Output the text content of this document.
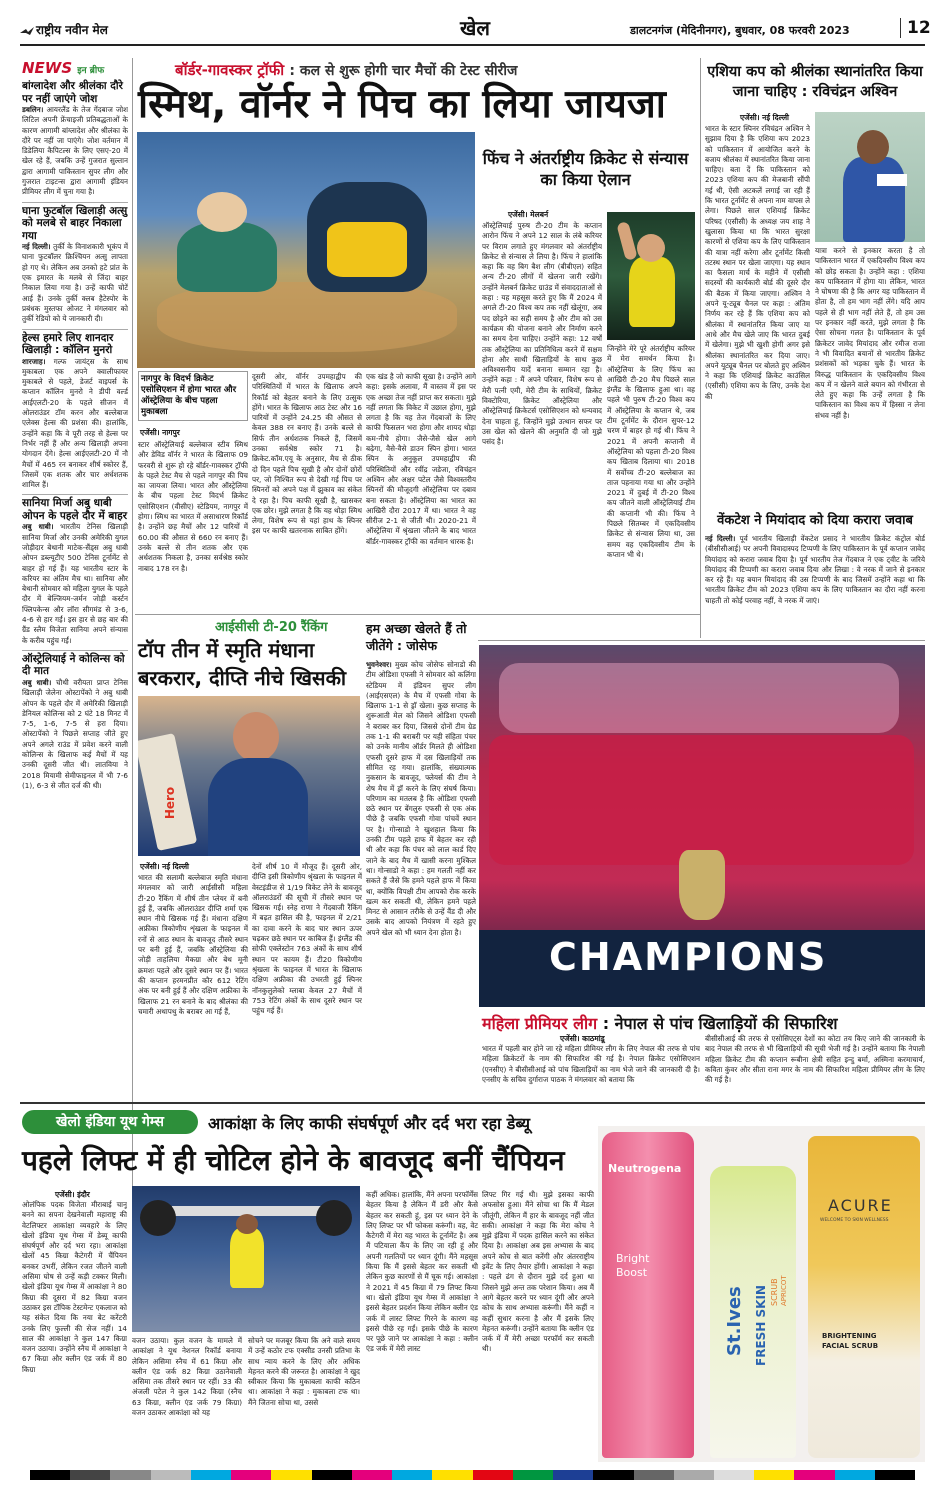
राष्ट्रीय नवीन मेल	खेल	डालटनगंज (मेदिनीनगर), बुधवार, 08 फरवरी 2023	12
NEWS इन ब्रीफ
बांग्लादेश और श्रीलंका दौरे पर नहीं जाएंगे जोश
डबलिन। आयरलैंड के तेज गेंदबाज जोश लिटिल अपनी फ्रेंचाइजी प्रतिबद्धताओं के कारण आगामी बांग्लादेश और श्रीलंका के दौरे पर नहीं जा पाएंगे। जोश वर्तमान में डिडेलिया कैपिटल्स के लिए एसए-20 में खेल रहे हैं, जबकि उन्हें गुजरात सुल्तान द्वारा आगामी पाकिस्तान सुपर लीग और गुजरात टाइटन्स द्वारा आगामी इंडियन प्रीमियर लीग में चुना गया है।
घाना फुटबॉल खिलाड़ी अत्सु को मलबे से बाहर निकाला गया
नई दिल्ली। तुर्की के विनाशकारी भूकंप में घाना फुटबॉलर क्रिश्चियन अत्सु लापता हो गए थे। लेकिन अब उनको हटे प्रांत के एक इमारत के मलबे से जिंदा बाहर निकाल लिया गया है। उन्हें काफी चोटें आई हैं। उनके तुर्की क्लब हैटेस्पोर के प्रबंधक मुस्तफा ओजट ने मंगलवार को तुर्की रेडियो को ये जानकारी दी।
हेल्स हमारे लिए शानदार खिलाड़ी : कॉलिन मुनरो
शारजाह। गल्फ जायंट्स के साथ मुकाबला एक अपने क्वालीफायर मुकाबले से पहले, डेजर्ट वाइपर्स के कप्तान कॉलिन मुनरो ने डीपी वर्ल्ड आईएलटी-20 के पहले सीजन में ओलराउंडर टॉम करन और बल्लेबाज एलेक्स हेल्स की प्रशंसा की। हालांकि, उन्होंने कहा कि वे पूरी तरह से हेल्स पर निर्भर नहीं हैं और अन्य खिलाड़ी अपना योगदान देंगे। हेल्स आईएलटी-20 में नौ मैचों में 465 रन बनाकर शीर्ष स्कोरर हैं, जिसमें एक शतक और चार अर्धशतक शामिल हैं।
सानिया मिर्जा अबु धाबी ओपन के पहले दौर में बाहर
अबु धाबी। भारतीय टेनिस खिलाड़ी सानिया मिर्जा और उनकी अमेरिकी युगल जोड़ीदार बेथानी माटेक-सैंड्स अबु धाबी ओपन डब्ल्यूटीए 500 टेनिस टूर्नामेंट से बाहर हो गई हैं। यह भारतीय स्टार के करियर का अंतिम मैच था। सानिया और बेथानी सोमवार को महिला युगल के पहले दौर में बेल्जियम-जर्मन जोड़ी कर्स्टन फ्लिपकेन्स और लॉरा सीगमंड से 3-6, 4-6 से हार गईं। इस हार से छह बार की ग्रैंड स्लैम विजेता सानिया अपने संन्यास के करीब पहुंच गईं।
ऑस्ट्रेलियाई ने कोलिन्स को दी मात
अबु धाबी। चौथी वरीयता प्राप्त टेनिस खिलाड़ी जेलेना ओस्टापेंको ने अबु धाबी ओपन के पहले दौर में अमेरिकी खिलाड़ी डेनियल कोलिन्स को 2 घंटे 18 मिनट में 7-5, 1-6, 7-5 से हरा दिया। ओस्टापेंको ने पिछले सप्ताह जीते हुए अपने अगले राउंड में प्रवेश करने वाली कोलिन्स के खिलाफ कई मैचों में यह उनकी दूसरी जीत थी। लातविया ने 2018 मियामी सेमीफाइनल में भी 7-6 (1), 6-3 से जीत दर्ज की थी।
बॉर्डर-गावस्कर ट्रॉफी : कल से शुरू होगी चार मैचों की टेस्ट सीरीज
स्मिथ, वॉर्नर ने पिच का लिया जायजा
फिंच ने अंतर्राष्ट्रीय क्रिकेट से संन्यास का किया ऐलान
एजेंसी। मेलबर्न
ऑस्ट्रेलियाई पुरुष टी-20 टीम के कप्तान आरोन फिंच ने अपने 12 साल के लंबे करियर पर विराम लगाते हुए मंगलवार को अंतर्राष्ट्रीय क्रिकेट से संन्यास ले लिया है। फिंच ने हालांकि कहा कि वह बिग बैश लीग (बीबीएल) सहित अन्य टी-20 लीगों में खेलना जारी रखेंगे। उन्होंने मेलबर्न क्रिकेट ग्राउंड में संवाददाताओं से कहा : यह महसूस करते हुए कि मैं 2024 में अगले टी-20 विश्व कप तक नहीं खेलूंगा, अब पद छोड़ने का सही समय है और टीम को उस कार्यक्रम की योजना बनाने और निर्माण करने का समय देना चाहिए। उन्होंने कहा: 12 वर्षों तक ऑस्ट्रेलिया का प्रतिनिधित्व करने में सक्षम होना और साथी खिलाड़ियों के साथ कुछ अविश्वसनीय यादें बनाना सम्मान रहा है। उन्होंने कहा : मैं अपने परिवार, विशेष रूप से मेरी पत्नी एमी, मेरी टीम के साथियों, क्रिकेट विक्टोरिया, क्रिकेट ऑस्ट्रेलिया और ऑस्ट्रेलियाई क्रिकेटर्स एसोसिएशन को धन्यवाद देना चाहता हूं, जिन्होंने मुझे उत्थान सफर पर उस खेल को खेलने की अनुमति दी जो मुझे पसंद है।
जिन्होंने मेरे पूरे अंतर्राष्ट्रीय करियर में मेरा समर्थन किया है। ऑस्ट्रेलिया के लिए फिंच का आखिरी टी-20 मैच पिछले साल इंग्लैंड के खिलाफ हुआ था। वह पहले भी पुरुष टी-20 विश्व कप में ऑस्ट्रेलिया के कप्तान थे, जब टीम टूर्नामेंट के दौरान सुपर-12 चरण में बाहर हो गई थी। फिंच ने 2021 में अपनी कप्तानी में ऑस्ट्रेलिया को पहला टी-20 विश्व कप खिताब दिलाया था। 2018 में सर्वोच्च टी-20 बल्लेबाज का ताज पहनाया गया था और उन्होंने 2021 में दुबई में टी-20 विश्व कप जीतने वाली ऑस्ट्रेलियाई टीम की कप्तानी भी की। फिंच ने पिछले सितम्बर में एकदिवसीय क्रिकेट से संन्यास लिया था, उस समय वह एकदिवसीय टीम के कप्तान भी थे।
नागपुर के विदर्भ क्रिकेट एसोसिएशन में होगा भारत और ऑस्ट्रेलिया के बीच पहला मुकाबला
एजेंसी। नागपुर
स्टार ऑस्ट्रेलियाई बल्लेबाज स्टीव स्मिथ और डेविड वॉर्नर ने भारत के खिलाफ 09 फरवरी से शुरू हो रहे बॉर्डर-गावस्कर ट्रॉफी के पहले टेस्ट मैच से पहले नागपुर की पिच का जायजा लिया। भारत और ऑस्ट्रेलिया के बीच पहला टेस्ट विदर्भ क्रिकेट एसोसिएशन (वीसीए) स्टेडियम, नागपुर में होगा। स्मिथ का भारत में असाधारण रिकॉर्ड है। उन्होंने छह मैचों और 12 पारियों में 60.00 की औसत से 660 रन बनाए हैं। उनके बल्ले से तीन शतक और एक अर्धशतक निकला है, उनका सर्वश्रेष्ठ स्कोर नाबाद 178 रन है।
दूसरी ओर, वॉर्नर उपमहाद्वीप की परिस्थितियों में भारत के खिलाफ अपने रिकॉर्ड को बेहतर बनाने के लिए उत्सुक होंगे। भारत के खिलाफ आठ टेस्ट और 16 पारियों में उन्होंने 24.25 की औसत से केवल 388 रन बनाए हैं। उनके बल्ले से सिर्फ तीन अर्धशतक निकले हैं, जिसमें उनका सर्वश्रेष्ठ स्कोर 71 है। क्रिकेट.कॉम.एयू के अनुसार, मैच से ठीक दो दिन पहले पिच सूखी है और दोनों छोरों पर, जो निश्चित रूप से देखी गई पिच पर स्पिनरों को अपने पक्ष में झुकाव का संकेत दे रहा है। पिच काफी सूखी है, खासकर एक छोर। मुझे लगता है कि यह थोड़ा स्मिथ लेगा, विशेष रूप से यहां हाथ के स्पिनर इस पर काफी खतरनाक साबित होंगे।
एक खंड है जो काफी सूखा है। उन्होंने आगे कहा: इसके अलावा, मैं वास्तव में इस पर एक अच्छा तेज नहीं प्राप्त कर सकता। मुझे नहीं लगता कि विकेट में उछाल होगा, मुझे लगता है कि यह तेज गेंदबाजों के लिए काफी फिसलन भरा होगा और शायद थोड़ा कम-नीचे होगा। जैसे-जैसे खेल आगे बढ़ेगा, वैसे-वैसे डाउन स्पिन होगा। भारत स्पिन के अनुकूल उपमहाद्वीप की परिस्थितियों और रवींद्र जडेजा, रविचंद्रन अश्विन और अक्षर पटेल जैसे विश्वस्तरीय स्पिनरों की मौजूदगी ऑस्ट्रेलिया पर दबाव बना सकता है। ऑस्ट्रेलिया का भारत का आखिरी दौरा 2017 में था। भारत ने वह सीरीज 2-1 से जीती थी। 2020-21 में ऑस्ट्रेलिया में श्रृंखला जीतने के बाद भारत बॉर्डर-गावस्कर ट्रॉफी का वर्तमान धारक है।
एशिया कप को श्रीलंका स्थानांतरित किया जाना चाहिए : रविचंद्रन अश्विन
एजेंसी। नई दिल्ली
भारत के स्टार स्पिनर रविचंद्रन अश्विन ने सुझाव दिया है कि एशिया कप 2023 को पाकिस्तान में आयोजित करने के बजाय श्रीलंका में स्थानांतरित किया जाना चाहिए। बता दें कि पाकिस्तान को 2023 एशिया कप की मेजबानी सौंपी गई थी, ऐसी अटकलें लगाई जा रही हैं कि भारत टूर्नामेंट से अपना नाम वापस ले लेगा। पिछले साल एशियाई क्रिकेट परिषद (एसीसी) के अध्यक्ष जय शाह ने खुलासा किया था कि भारत सुरक्षा कारणों से एशिया कप के लिए पाकिस्तान की यात्रा नहीं करेगा और टूर्नामेंट किसी तटस्थ स्थान पर खेला जाएगा। यह स्थान का फैसला मार्च के महीने में एसीसी सदस्यों की कार्यकारी बोर्ड की दूसरे दौर की बैठक में किया जाएगा। अश्विन ने अपने यू-ट्यूब चैनल पर कहा : अंतिम निर्णय कर रहे हैं कि एशिया कप को श्रीलंका में स्थानांतरित किया जाए या आधे और मैच खेले जाए कि भारत दुबई में खेलेगा। मुझे भी खुशी होगी अगर इसे श्रीलंका स्थानांतरित कर दिया जाए। अपने यूट्यूब चैनल पर बोलते हुए अश्विन ने कहा कि एशियाई क्रिकेट काउंसिल (एसीसी) एशिया कप के लिए, उनके देश की
यात्रा करने से इनकार करता है तो पाकिस्तान भारत में एकदिवसीय विश्व कप को छोड़ सकता है। उन्होंने कहा : एशिया कप पाकिस्तान में होगा या। लेकिन, भारत ने घोषणा की है कि अगर यह पाकिस्तान में होता है, तो हम भाग नहीं लेंगे। यदि आप पहले से ही भाग नहीं लेते हैं, तो हम उस पर इनकार नहीं करते, मुझे लगता है कि ऐसा सोचना गलत है। पाकिस्तान के पूर्व क्रिकेटर जावेद मियांदाद और रमीज राजा ने भी विवादित बयानों से भारतीय क्रिकेट प्रशंसकों को भड़का चुके हैं। भारत के विरुद्ध पाकिस्तान के एकदिवसीय विश्व कप में न खेलने वाले बयान को गंभीरता से लेते हुए कहा कि उन्हें लगता है कि पाकिस्तान का विश्व कप में हिस्सा न लेना संभव नहीं है।
वेंकटेश ने मियांदाद को दिया करारा जवाब
नई दिल्ली। पूर्व भारतीय खिलाड़ी वेंकटेश प्रसाद ने भारतीय क्रिकेट कंट्रोल बोर्ड (बीसीसीआई) पर अपनी विवादास्पद टिप्पणी के लिए पाकिस्तान के पूर्व कप्तान जावेद मियांदाद को करारा जवाब दिया है। पूर्व भारतीय तेज गेंदबाज ने एक ट्वीट के जरिये मियांदाद की टिप्पणी का करारा जवाब दिया और लिखा : वे नरक में जाने से इनकार कर रहे हैं। यह बयान मियांदाद की उस टिप्पणी के बाद जिसमें उन्होंने कहा था कि भारतीय क्रिकेट टीम को 2023 एशिया कप के लिए पाकिस्तान का दौरा नहीं करना चाहती तो कोई परवाह नहीं, वे नरक में जाएं।
आईसीसी टी-20 रैंकिंग
टॉप तीन में स्मृति मंधाना बरकरार, दीप्ति नीचे खिसकी
Hero
एजेंसी। नई दिल्ली
भारत की सलामी बल्लेबाज स्मृति मंधाना मंगलवार को जारी आईसीसी महिला टी-20 रैंकिंग में शीर्ष तीन प्लेयर में बनी हुई हैं, जबकि ऑलराउंडर दीप्ति शर्मा एक स्थान नीचे खिसक गई हैं। मंधाना दक्षिण अफ्रीका त्रिकोणीय शृंखला के फाइनल में रनों से आठ स्थान के बावजूद तीसरे स्थान पर बनी हुई हैं, जबकि ऑस्ट्रेलिया की जोड़ी ताहलिया मैकग्रा और बेथ मूनी क्रमशः पहले और दूसरे स्थान पर हैं। भारत की कप्तान हरमनप्रीत कौर 612 रेटिंग अंक पर बनी हुई हैं और दक्षिण अफ्रीका के खिलाफ 21 रन बनाने के बाद श्रीलंका की चमारी अथापथु के बराबर आ गई हैं,
देनों शीर्ष 10 में मौजूद हैं। दूसरी ओर, दीप्ति इसी त्रिकोणीय श्रृंखला के फाइनल में वेस्टइंडीज से 1/19 विकेट लेने के बावजूद ऑलराउंडरों की सूची में तीसरे स्थान पर खिसक गई। स्नेह राणा ने गेंदबाजी रैंकिंग में बढ़त हासिल की है, फाइनल में 2/21 का दावा करने के बाद चार स्थान ऊपर चढ़कर छठे स्थान पर काबिज हैं। इंग्लैंड की सोफी एक्लेस्टोन 763 अंकों के साथ शीर्ष स्थान पर कायम हैं। टी20 त्रिकोणीय श्रृंखला के फाइनल में भारत के खिलाफ दक्षिण अफ्रीका की उभरती हुई स्पिनर नॉनकुलुलेको म्लाबा केवल 27 मैचों में 753 रेटिंग अंकों के साथ दूसरे स्थान पर पहुंच गई हैं।
हम अच्छा खेलते हैं तो जीतेंगे : जोसेफ
भुवनेश्वर। मुख्य कोच जोसेफ सोनाडो की टीम ओडिशा एफसी ने सोमवार को कलिंगा स्टेडियम में इंडियन सुपर लीग (आईएसएल) के मैच में एफसी गोवा के खिलाफ 1-1 से ड्रॉ खेला। कुछ सप्ताह के शुरूआती मेल को जिसने ओडिशा एफसी ने बराबर कर दिया, जिससे दोनों टीम ग्रेड तक 1-1 की बराबरी पर यही संहिता पंचर को उनके मानीय ऑर्डर मिलते ही ओडिशा एफसी दूसरे हाफ में दस खिलाड़ियों तक सीमित रह गया। हालांकि, संख्यात्मक नुकसान के बावजूद, फ्लेयर्स की टीम ने शेष मैच में ड्रॉ करने के लिए संघर्ष किया। परिणाम का मतलब है कि ओडिशा एफसी छठे स्थान पर बेंगलुरु एफसी से एक अंक पीछे है जबकि एफसी गोवा पांचवें स्थान पर है। गोन्साडो ने खुशहाल किया कि उनकी टीम पहले हाफ में बेहतर कर रही थी और कहा कि पंचर को लाल कार्ड दिए जाने के बाद मैच में खासी करना मुश्किल था। गोन्साडो ने कहा : हम गलती नहीं कर सकते हैं जैसे कि हमने पहले हाफ में किया था, क्योंकि विपक्षी टीम आपको रोक करके खत्म कर सकती थी, लेकिन हमने पहले मिनट से आसान तरीके से उन्हें वैंड दी और उसके बाद आपको नियंत्रण में रहते हुए अपने खेल को भी ध्यान देना होता है।
CHAMPIONS
महिला प्रीमियर लीग : नेपाल से पांच खिलाड़ियों की सिफारिश
एजेंसी। काठमांडू
भारत में पहली बार होने जा रहे महिला प्रीमियर लीग के लिए नेपाल की तरफ से पांच महिला क्रिकेटरों के नाम की सिफारिश की गई है। नेपाल क्रिकेट एसोसिएशन (एनसीए) ने बीसीसीआई को पांच खिलाड़ियों का नाम भेजे जाने की जानकारी दी है। एनसीए के सचिव दुर्गाराज पाठक ने मंगलवार को बताया कि
बीसीसीआई की तरफ से एसोसिएट्स देशों का कोटा तय किए जाने की जानकारी के बाद नेपाल की तरफ से भी खिलाड़ियों की सूची भेजी गई है। उन्होंने बताया कि नेपाली महिला क्रिकेट टीम की कप्तान रूबीना क्षेत्री सहित इन्दु बर्मा, अस्मिना करमाचार्य, कविता कुंवर और सीता राना मगर के नाम की सिफारिश महिला प्रीमियर लीग के लिए की गई है।
खेलो इंडिया यूथ गेम्स	आकांक्षा के लिए काफी संघर्षपूर्ण और दर्द भरा रहा डेब्यू
पहले लिफ्ट में ही चोटिल होने के बावजूद बनीं चैंपियन
एजेंसी। इंदौर
ओलंपिक पदक विजेता मीराबाई चानू बनने का सपना देखनेवाली महाराष्ट्र की वेटलिफ्टर आकांक्षा व्यवहारे के लिए खेलो इंडिया यूथ गेम्स में डेब्यू काफी संघर्षपूर्ण और दर्द भरा रहा। आकांक्षा खेलों 45 किग्रा कैटेगरी में चैंपियन बनकर उभरीं, लेकिन रजत जीतने वाली असिमा घोष से उन्हें कड़ी टक्कर मिली। खेलो इंडिया यूथ गेम्स में आकांक्षा ने 80 किग्रा की दूसरा में 82 किग्रा वजन उठाकर इस टॉपिक टेस्टमेन्ट एकलाज को यह संकेत दिया कि नया बेट करेंटरी उनके लिए फुल्ली की सेज नहीं। 14 साल की आकांक्षा ने कुल 147 किग्रा वजन उठाया। उन्होंने स्नैच में आकांक्षा ने 67 किग्रा और क्लीन एंड जर्क में 80 किग्रा
वजन उठाया। कुल वजन के मामले में आकांक्षा ने यूथ नेशनल रिकॉर्ड बनाया लेकिन असिमा स्नैच में 61 किग्रा और क्लीन एंड जर्क 82 किग्रा उठानेवाली असिमा तक तीसरे स्थान पर रहीं। 33 की अंजली पटेल ने कुल 142 किग्रा (स्नैच 63 किग्रा, क्लीन एंड जर्क 79 किग्रा) वजन उठाकर आकांक्षा को यह
सोचने पर मजबूर किया कि अने वाले समय में उन्हें कठोर टफ एक्सीड उनसी प्रतिभा के साथ न्याय करने के लिए और अधिक मेहनत करने की जरूरत है। आकांक्षा ने खुद स्वीकार किया कि मुकाबला काफी कठिन था। आकांक्षा ने कहा : मुकाबला टफ था। मैंने जितना सोचा था, उससे
कहीं अधिक। हालांकि, मैंने अपना परफॉर्मेंस बेहतर किया है लेकिन मैं डरी और कैसे बेहतर कर सकती हूं, इस पर ध्यान देने के लिए लिफ्ट पर भी फोकस करूंगी। वह, वेट कैटेगरी में मेरा यह भारत के टूर्नामेंट है। अब मैं पटियाला कैंप के लिए जा रही हूं और अपनी गलतियों पर ध्यान दूंगी। मैंने महसूस किया कि मैं इससे बेहतर कर सकती थी लेकिन कुछ कारणों से मैं चूक गई। आकांक्षा ने 2021 में 45 किग्रा में 79 लिफ्ट किया था। खेलो इंडिया यूथ गेम्स में आकांक्षा ने इससे बेहतर प्रदर्शन किया लेकिन क्लीन एंड जर्क में लास्ट लिफ्ट गिरने के कारण वह इससे पीछे रह गईं। इसके पीछे के कारण पर पूछे जाने पर आकांक्षा ने कहा : क्लीन एंड जर्क में मेरी लास्ट
लिफ्ट गिर गई थी। मुझे इसका काफी अफसोस हुआ। मैंने सोचा था कि मैं मेडल जीतूंगी, लेकिन मैं हार के बावजूद नहीं जीत सकी। आकांक्षा ने कहा कि मेरा कोच ने मुझे इंडिया में पदक हासिल करने का संकेत दिया है। आकांक्षा अब इस अभ्यास के बाद अपने कोच से बात करेंगी और अंतरराष्ट्रीय इवेंट के लिए तैयार होंगी। आकांक्षा ने कहा : पहले ढंग से दौरान मुझे दर्द हुआ था जिसने मुझे अन्त तक परेशान किया। अब मैं आगे बेहतर करने पर ध्यान दूंगी और अपने कोच के साथ अभ्यास करूंगी। मैंने कहीं न कहीं सुधार करना है और मैं इसके लिए मेहनत करूंगी। उन्होंने बताया कि क्लीन एंड जर्क में मैं मेरी अच्छा परफॉर्म कर सकती थी।
Neutrogena
Bright Boost
St.Ives FRESH SKIN SCRUB APRICOT
ACURE
WELCOME TO SKIN WELLNESS
BRIGHTENING
FACIAL SCRUB
